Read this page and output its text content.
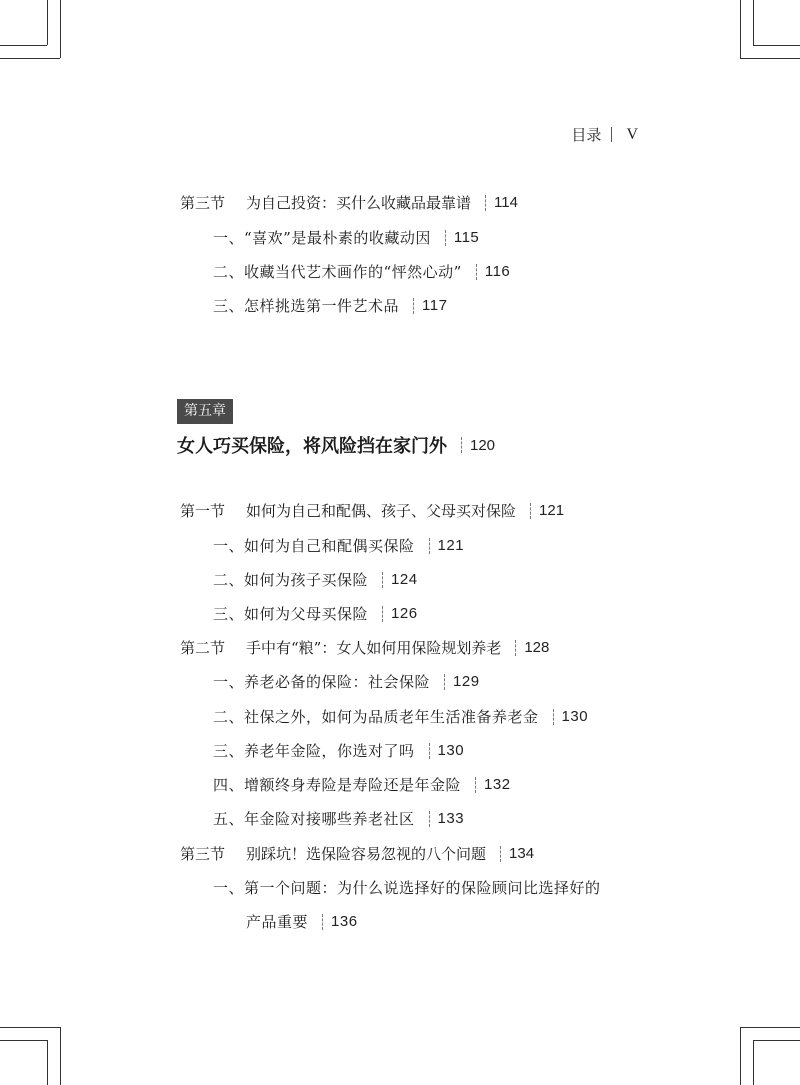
目录 V
第三节	为自己投资：买什么收藏品最靠谱 114
一、“喜欢”是最朴素的收藏动因 115
二、收藏当代艺术画作的“怦然心动” 116
三、怎样挑选第一件艺术品 117
第五章
女人巧买保险，将风险挡在家门外 120
第一节	如何为自己和配偶、孩子、父母买对保险 121
一、如何为自己和配偶买保险 121
二、如何为孩子买保险 124
三、如何为父母买保险 126
第二节	手中有“粮”：女人如何用保险规划养老 128
一、养老必备的保险：社会保险 129
二、社保之外，如何为品质老年生活准备养老金 130
三、养老年金险，你选对了吗 130
四、增额终身寿险是寿险还是年金险 132
五、年金险对接哪些养老社区 133
第三节	别踩坑！选保险容易忽视的八个问题 134
一、第一个问题：为什么说选择好的保险顾问比选择好的
产品重要 136
